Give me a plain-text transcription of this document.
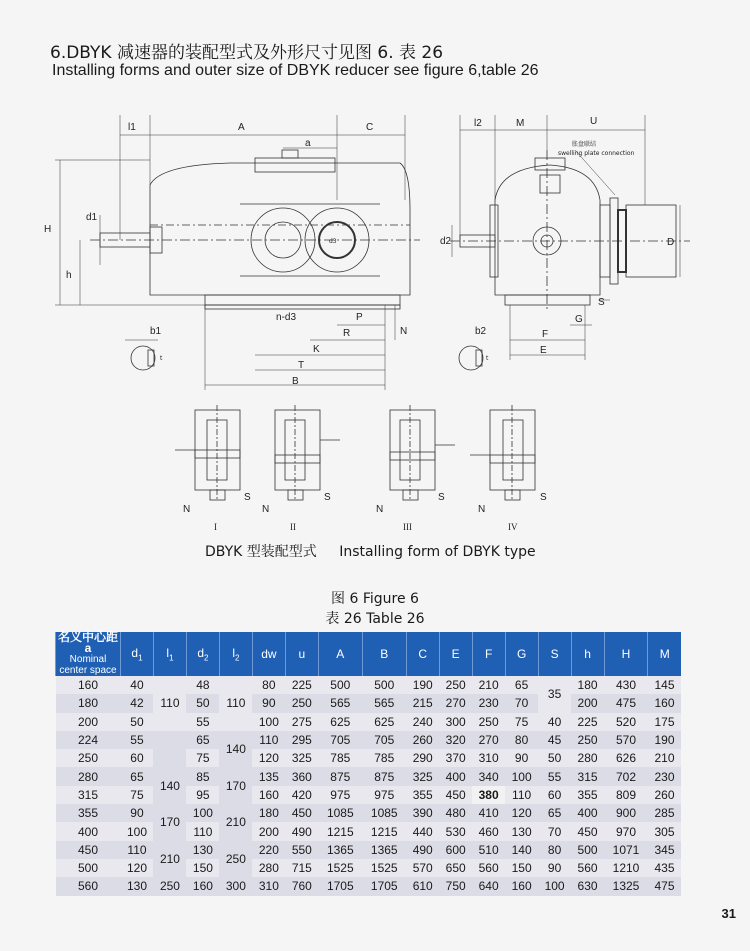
6.DBYK 减速器的装配型式及外形尺寸见图 6. 表 26
Installing forms and outer size of DBYK reducer see figure 6,table 26
l1	A
a
C
H
d1
h
d3
n-d3	P
R
K
T
B
N
b1
t
l2	M	U
d2	D
S
G
F
E
b2
t
胀盘联结
swelling plate connection
N
S
I
N
S
II
N
S
III
N
S
IV
DBYK 型装配型式 Installing form of DBYK type
图 6 Figure 6
表 26 Table 26
名义中心距a
Nominal
center space	$d_1$	$l_1$	$d_2$	$l_2$	dw	u	A	B	C	E	F	G	S	h	H	M
160	40	110	48	110	80	225	500	500	190	250	210	65	35	180	430	145
180	42		50		90	250	565	565	215	270	230	70		200	475	160
200	50		55		100	275	625	625	240	300	250	75	40	225	520	175
224	55		65	140	110	295	705	705	260	320	270	80	45	250	570	190
250	60		75		120	325	785	785	290	370	310	90	50	280	626	210
280	65	140	85	170	135	360	875	875	325	400	340	100	55	315	702	230
315	75		95		160	420	975	975	355	450	380	110	60	355	809	260
355	90	170	100	210	180	450	1085	1085	390	480	410	120	65	400	900	285
400	100		110		200	490	1215	1215	440	530	460	130	70	450	970	305
450	110	210	130	250	220	550	1365	1365	490	600	510	140	80	500	1071	345
500	120		150		280	715	1525	1525	570	650	560	150	90	560	1210	435
560	130	250	160	300	310	760	1705	1705	610	750	640	160	100	630	1325	475
31
